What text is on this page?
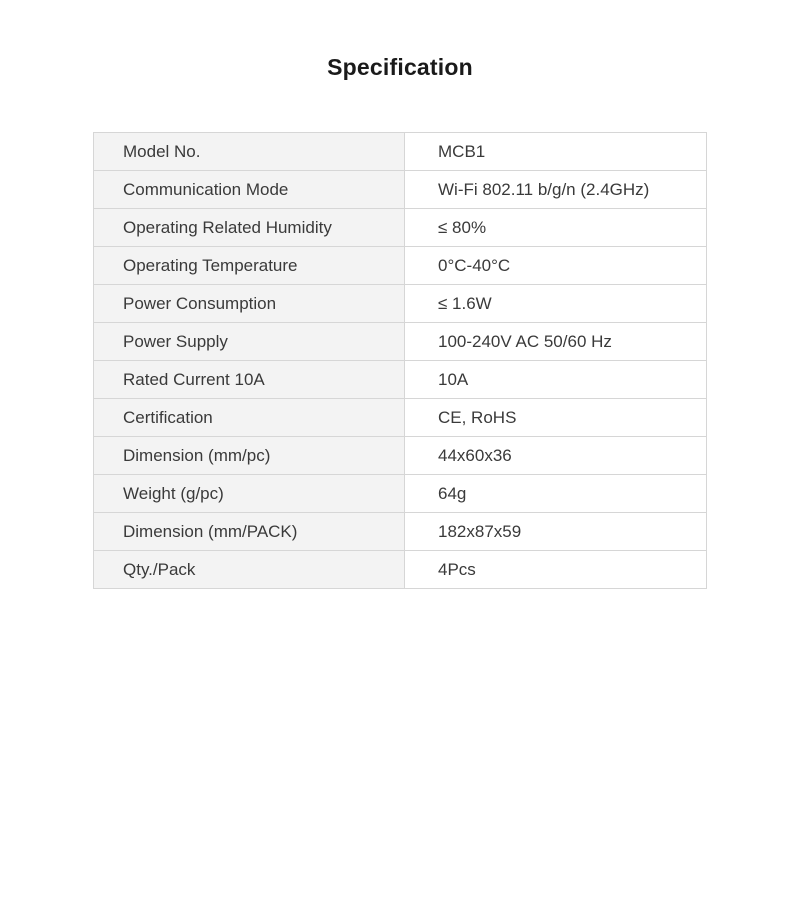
Specification
Model No.	MCB1
Communication Mode	Wi-Fi 802.11 b/g/n (2.4GHz)
Operating Related Humidity	≤ 80%
Operating Temperature	0°C-40°C
Power Consumption	≤ 1.6W
Power Supply	100-240V AC 50/60 Hz
Rated Current 10A	10A
Certification	CE, RoHS
Dimension (mm/pc)	44x60x36
Weight (g/pc)	64g
Dimension (mm/PACK)	182x87x59
Qty./Pack	4Pcs
